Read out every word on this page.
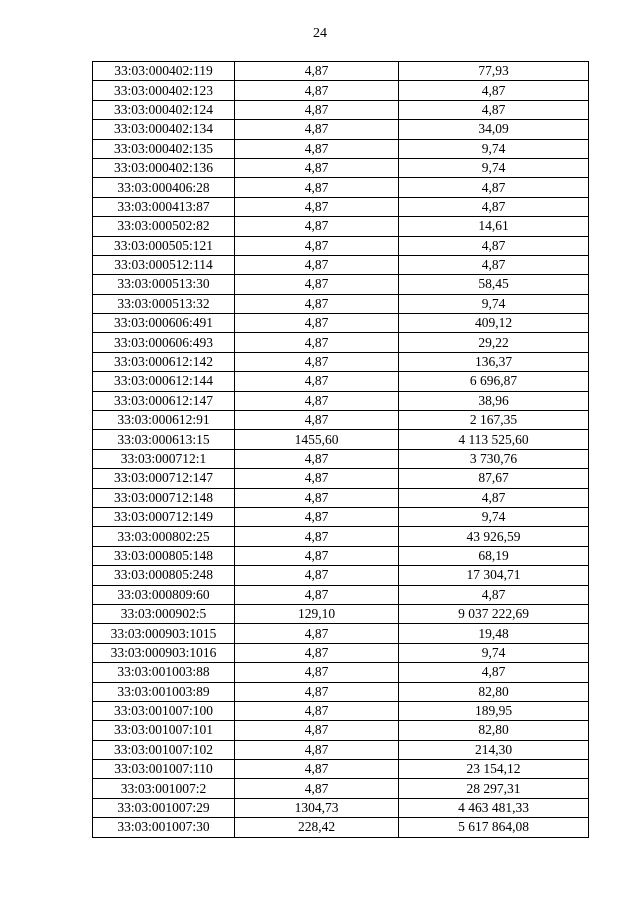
24
33:03:000402:119	4,87	77,93
33:03:000402:123	4,87	4,87
33:03:000402:124	4,87	4,87
33:03:000402:134	4,87	34,09
33:03:000402:135	4,87	9,74
33:03:000402:136	4,87	9,74
33:03:000406:28	4,87	4,87
33:03:000413:87	4,87	4,87
33:03:000502:82	4,87	14,61
33:03:000505:121	4,87	4,87
33:03:000512:114	4,87	4,87
33:03:000513:30	4,87	58,45
33:03:000513:32	4,87	9,74
33:03:000606:491	4,87	409,12
33:03:000606:493	4,87	29,22
33:03:000612:142	4,87	136,37
33:03:000612:144	4,87	6 696,87
33:03:000612:147	4,87	38,96
33:03:000612:91	4,87	2 167,35
33:03:000613:15	1455,60	4 113 525,60
33:03:000712:1	4,87	3 730,76
33:03:000712:147	4,87	87,67
33:03:000712:148	4,87	4,87
33:03:000712:149	4,87	9,74
33:03:000802:25	4,87	43 926,59
33:03:000805:148	4,87	68,19
33:03:000805:248	4,87	17 304,71
33:03:000809:60	4,87	4,87
33:03:000902:5	129,10	9 037 222,69
33:03:000903:1015	4,87	19,48
33:03:000903:1016	4,87	9,74
33:03:001003:88	4,87	4,87
33:03:001003:89	4,87	82,80
33:03:001007:100	4,87	189,95
33:03:001007:101	4,87	82,80
33:03:001007:102	4,87	214,30
33:03:001007:110	4,87	23 154,12
33:03:001007:2	4,87	28 297,31
33:03:001007:29	1304,73	4 463 481,33
33:03:001007:30	228,42	5 617 864,08
